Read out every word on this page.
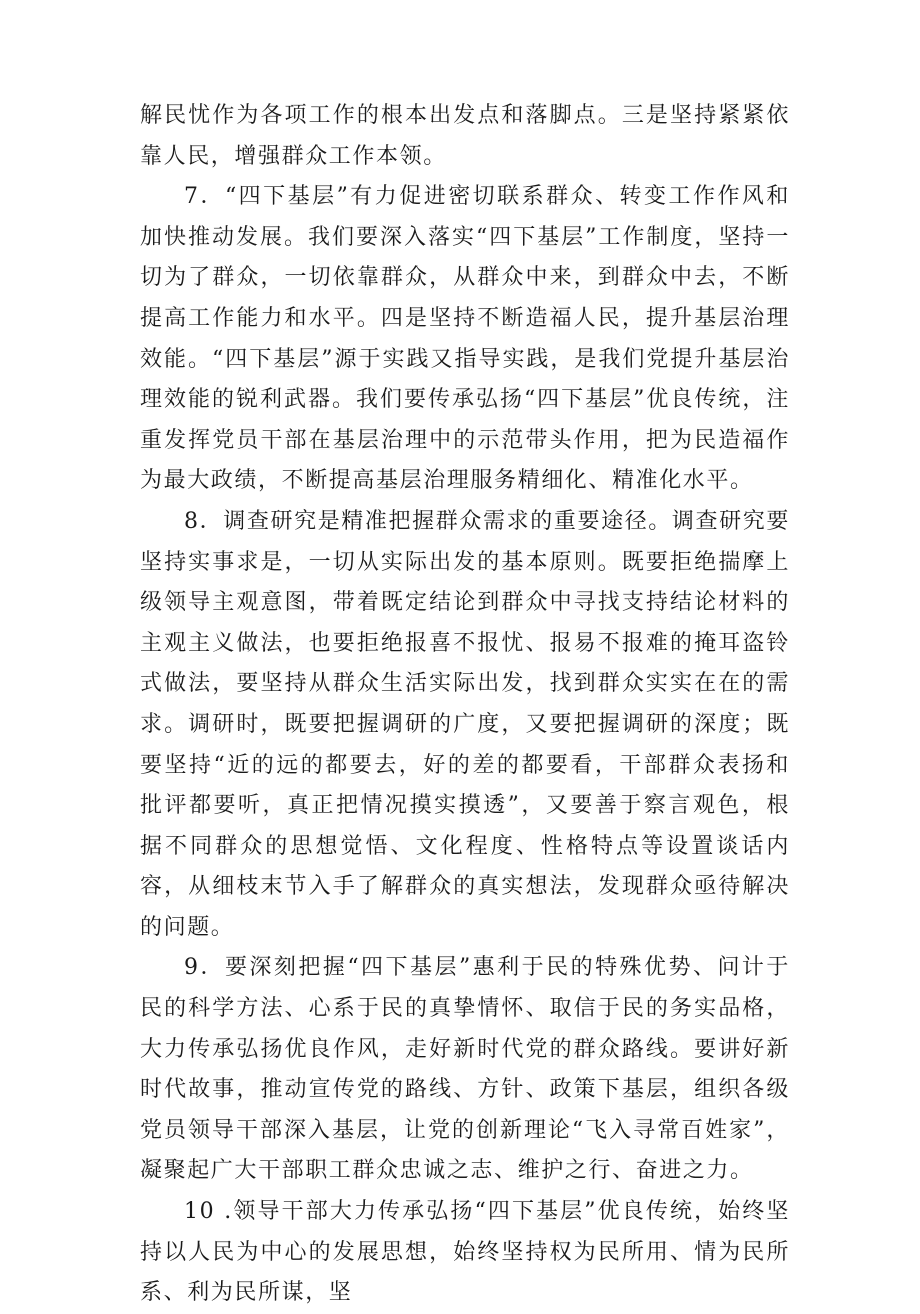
解民忧作为各项工作的根本出发点和落脚点。三是坚持紧紧依靠人民，增强群众工作本领。

7．“四下基层”有力促进密切联系群众、转变工作作风和加快推动发展。我们要深入落实“四下基层”工作制度，坚持一切为了群众，一切依靠群众，从群众中来，到群众中去，不断提高工作能力和水平。四是坚持不断造福人民，提升基层治理效能。“四下基层”源于实践又指导实践，是我们党提升基层治理效能的锐利武器。我们要传承弘扬“四下基层”优良传统，注重发挥党员干部在基层治理中的示范带头作用，把为民造福作为最大政绩，不断提高基层治理服务精细化、精准化水平。

8．调查研究是精准把握群众需求的重要途径。调查研究要坚持实事求是，一切从实际出发的基本原则。既要拒绝揣摩上级领导主观意图，带着既定结论到群众中寻找支持结论材料的主观主义做法，也要拒绝报喜不报忧、报易不报难的掩耳盗铃式做法，要坚持从群众生活实际出发，找到群众实实在在的需求。调研时，既要把握调研的广度，又要把握调研的深度；既要坚持“近的远的都要去，好的差的都要看，干部群众表扬和批评都要听，真正把情况摸实摸透”，又要善于察言观色，根据不同群众的思想觉悟、文化程度、性格特点等设置谈话内容，从细枝末节入手了解群众的真实想法，发现群众亟待解决的问题。

9．要深刻把握“四下基层”惠利于民的特殊优势、问计于民的科学方法、心系于民的真挚情怀、取信于民的务实品格，大力传承弘扬优良作风，走好新时代党的群众路线。要讲好新时代故事，推动宣传党的路线、方针、政策下基层，组织各级党员领导干部深入基层，让党的创新理论“飞入寻常百姓家”，凝聚起广大干部职工群众忠诚之志、维护之行、奋进之力。

10 .领导干部大力传承弘扬“四下基层”优良传统，始终坚持以人民为中心的发展思想，始终坚持权为民所用、情为民所系、利为民所谋，坚
